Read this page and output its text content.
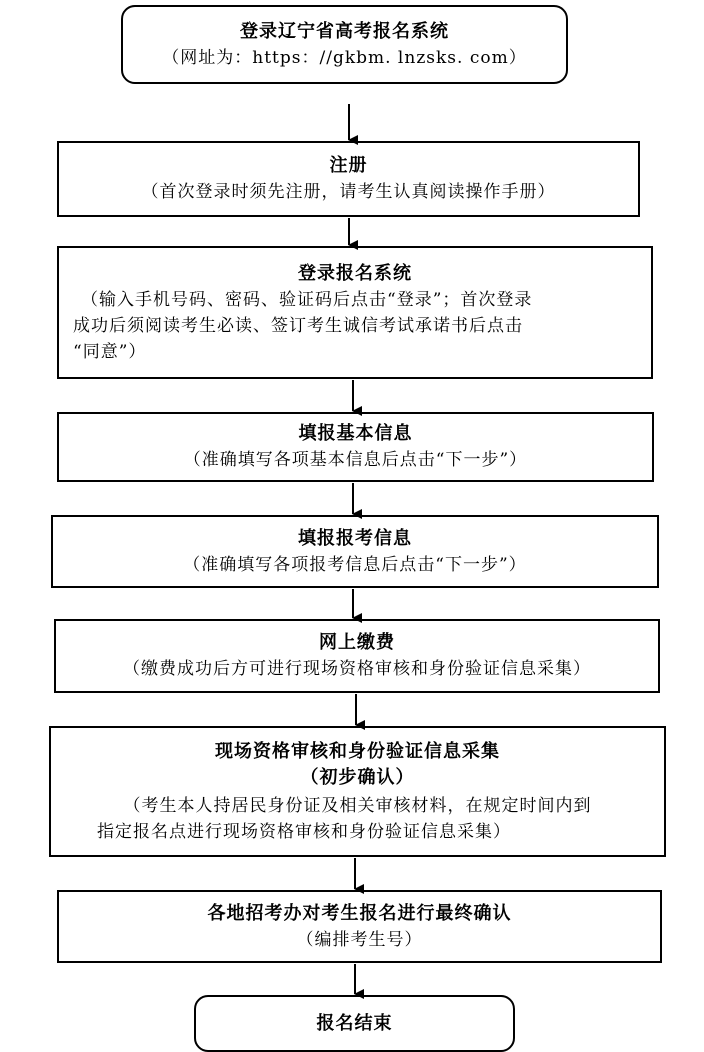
登录辽宁省高考报名系统
（网址为：https：//gkbm. lnzsks. com）
注册
（首次登录时须先注册，请考生认真阅读操作手册）
登录报名系统
（输入手机号码、密码、验证码后点击“登录”；首次登录
成功后须阅读考生必读、签订考生诚信考试承诺书后点击
“同意”）
填报基本信息
（准确填写各项基本信息后点击“下一步”）
填报报考信息
（准确填写各项报考信息后点击“下一步”）
网上缴费
（缴费成功后方可进行现场资格审核和身份验证信息采集）
现场资格审核和身份验证信息采集
（初步确认）
（考生本人持居民身份证及相关审核材料，在规定时间内到
指定报名点进行现场资格审核和身份验证信息采集）
各地招考办对考生报名进行最终确认
（编排考生号）
报名结束
